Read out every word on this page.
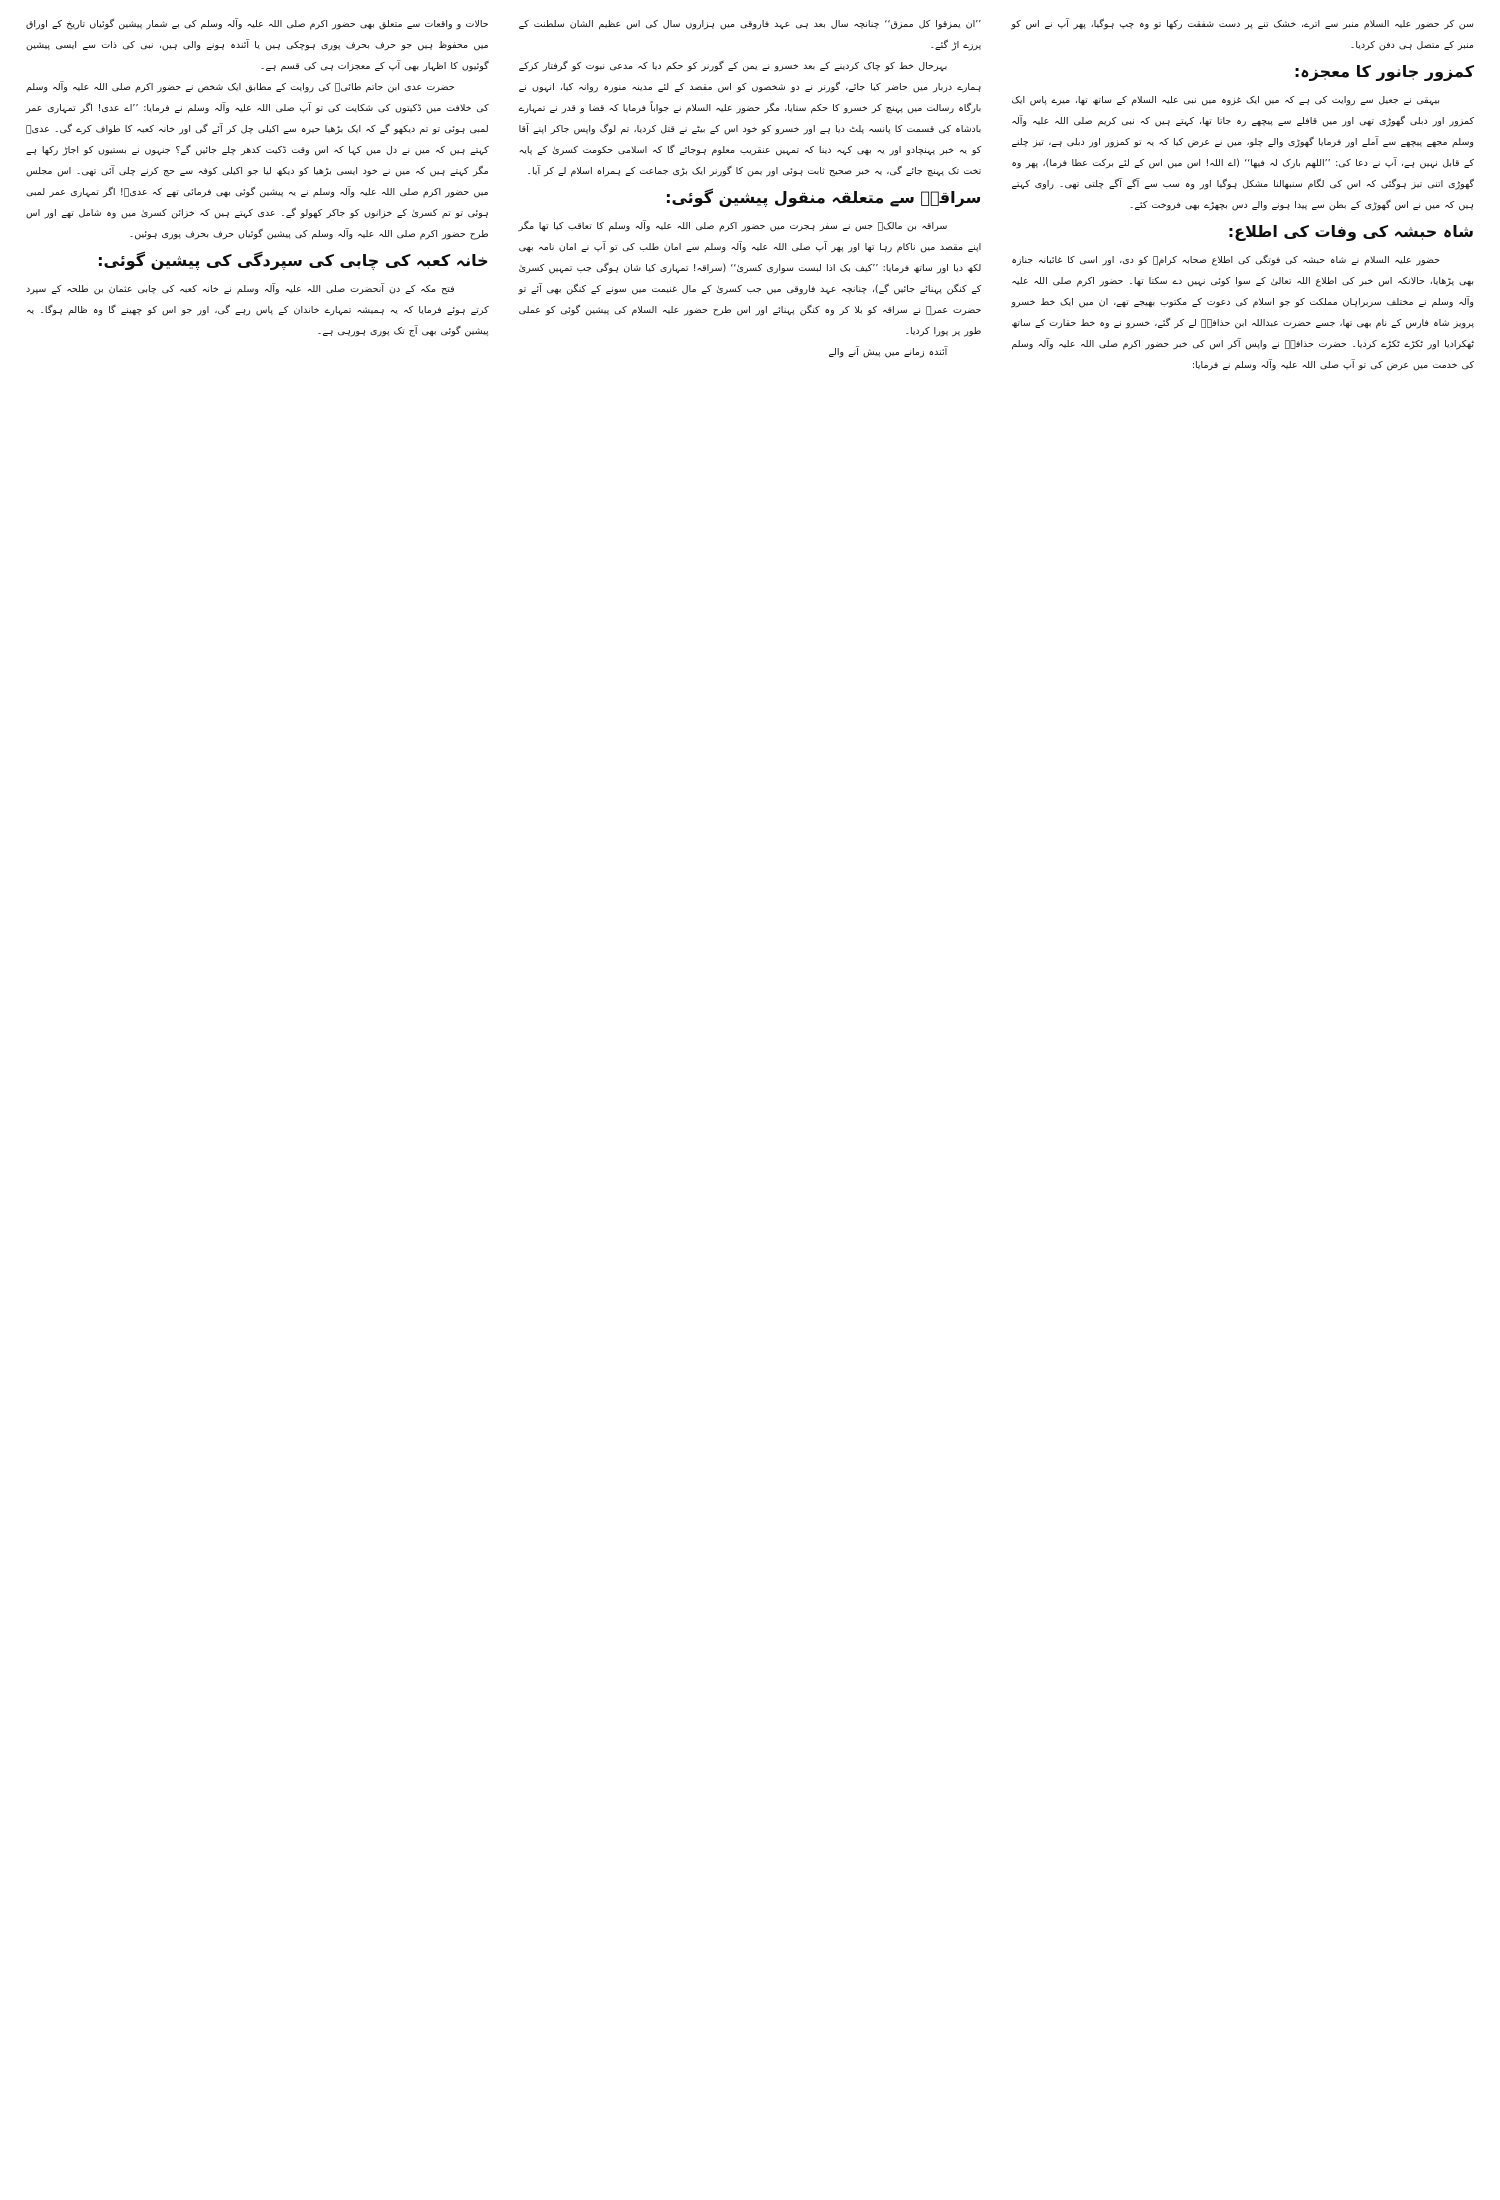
سن کر حضور علیہ السلام منبر سے اترے، خشک تنے پر دست شفقت رکھا تو وہ چپ ہوگیا، پھر آپ نے اس کو منبر کے متصل ہی دفن کردیا۔

کمزور جانور کا معجزہ:

بیہقی نے جعیل سے روایت کی ہے کہ میں ایک غزوہ میں نبی علیہ السلام کے ساتھ تھا، میرے پاس ایک کمزور اور دبلی گھوڑی تھی اور میں قافلے سے پیچھے رہ جاتا تھا، کہتے ہیں کہ نبی کریم صلی اللہ علیہ وآلہ وسلم مجھے پیچھے سے آملے اور فرمایا گھوڑی والے چلو، میں نے عرض کیا کہ یہ تو کمزور اور دبلی ہے، تیز چلنے کے قابل نہیں ہے، آپ نے دعا کی: ’’اللھم بارک لہ فیھا‘‘ (اے اللہ! اس میں اس کے لئے برکت عطا فرما)، پھر وہ گھوڑی اتنی تیز ہوگئی کہ اس کی لگام سنبھالنا مشکل ہوگیا اور وہ سب سے آگے آگے چلتی تھی۔ راوی کہتے ہیں کہ میں نے اس گھوڑی کے بطن سے پیدا ہونے والے دس بچھڑے بھی فروخت کئے۔

شاہ حبشہ کی وفات کی اطلاع:

حضور علیہ السلام نے شاہ حبشہ کی فوتگی کی اطلاع صحابہ کرامؓ کو دی، اور اسی کا غائبانہ جنازہ بھی پڑھایا، حالانکہ اس خبر کی اطلاع اللہ تعالیٰ کے سوا کوئی نہیں دے سکتا تھا۔ حضور اکرم صلی اللہ علیہ وآلہ وسلم نے مختلف سربراہان مملکت کو جو اسلام کی دعوت کے مکتوب بھیجے تھے، ان میں ایک خط خسرو پرویز شاہ فارس کے نام بھی تھا، جسے حضرت عبداللہ ابن حذافہؓ لے کر گئے، خسرو نے وہ خط حقارت کے ساتھ ٹھکرادیا اور ٹکڑے ٹکڑے کردیا۔ حضرت حذافہؓ نے واپس آکر اس کی خبر حضور اکرم صلی اللہ علیہ وآلہ وسلم کی خدمت میں عرض کی تو آپ صلی اللہ علیہ وآلہ وسلم نے فرمایا:

’’ان یمزقوا کل ممزق‘‘ چنانچہ سال بعد ہی عہد فاروقی میں ہزاروں سال کی اس عظیم الشان سلطنت کے پرزے اڑ گئے۔

بہرحال خط کو چاک کردینے کے بعد خسرو نے یمن کے گورنر کو حکم دیا کہ مدعی نبوت کو گرفتار کرکے ہمارے دربار میں حاضر کیا جائے، گورنر نے دو شخصوں کو اس مقصد کے لئے مدینہ منورہ روانہ کیا، انہوں نے بارگاہ رسالت میں پہنچ کر خسرو کا حکم سنایا، مگر حضور علیہ السلام نے جواباً فرمایا کہ قضا و قدر نے تمہارے بادشاہ کی قسمت کا پانسہ پلٹ دیا ہے اور خسرو کو خود اس کے بیٹے نے قتل کردیا، تم لوگ واپس جاکر اپنے آقا کو یہ خبر پہنچادو اور یہ بھی کہہ دینا کہ تمہیں عنقریب معلوم ہوجائے گا کہ اسلامی حکومت کسریٰ کے پایہ تخت تک پہنچ جائے گی، یہ خبر صحیح ثابت ہوئی اور یمن کا گورنر ایک بڑی جماعت کے ہمراہ اسلام لے کر آیا۔

سراقہؓ سے متعلقہ منقول پیشین گوئی:

سراقہ بن مالکؓ جس نے سفر ہجرت میں حضور اکرم صلی اللہ علیہ وآلہ وسلم کا تعاقب کیا تھا مگر اپنے مقصد میں ناکام رہا تھا اور پھر آپ صلی اللہ علیہ وآلہ وسلم سے امان طلب کی تو آپ نے امان نامہ بھی لکھ دیا اور ساتھ فرمایا: ’’کیف بک اذا لبست سواری کسریٰ‘‘ (سراقہ! تمہاری کیا شان ہوگی جب تمہیں کسریٰ کے کنگن پہنائے جائیں گے)، چنانچہ عہد فاروقی میں جب کسریٰ کے مال غنیمت میں سونے کے کنگن بھی آئے تو حضرت عمرؓ نے سراقہ کو بلا کر وہ کنگن پہنائے اور اس طرح حضور علیہ السلام کی پیشین گوئی کو عملی طور پر پورا کردیا۔

آئندہ زمانے میں پیش آنے والے

حالات و واقعات سے متعلق بھی حضور اکرم صلی اللہ علیہ وآلہ وسلم کی بے شمار پیشین گوئیاں تاریخ کے اوراق میں محفوظ ہیں جو حرف بحرف پوری ہوچکی ہیں یا آئندہ ہونے والی ہیں، نبی کی ذات سے ایسی پیشین گوئیوں کا اظہار بھی آپ کے معجزات ہی کی قسم ہے۔

حضرت عدی ابن حاتم طائیؓ کی روایت کے مطابق ایک شخص نے حضور اکرم صلی اللہ علیہ وآلہ وسلم کی خلافت میں ڈکیتوں کی شکایت کی تو آپ صلی اللہ علیہ وآلہ وسلم نے فرمایا: ’’اے عدی! اگر تمہاری عمر لمبی ہوئی تو تم دیکھو گے کہ ایک بڑھیا حیرہ سے اکیلی چل کر آئے گی اور خانہ کعبہ کا طواف کرے گی۔ عدیؓ کہتے ہیں کہ میں نے دل میں کہا کہ اس وقت ڈکیت کدھر چلے جائیں گے؟ جنہوں نے بستیوں کو اجاڑ رکھا ہے مگر کہتے ہیں کہ میں نے خود ایسی بڑھیا کو دیکھ لیا جو اکیلی کوفہ سے حج کرنے چلی آئی تھی۔ اس مجلس میں حضور اکرم صلی اللہ علیہ وآلہ وسلم نے یہ پیشین گوئی بھی فرمائی تھے کہ عدیؓ! اگر تمہاری عمر لمبی ہوئی تو تم کسریٰ کے خزانوں کو جاکر کھولو گے۔ عدی کہتے ہیں کہ خزائن کسریٰ میں وہ شامل تھے اور اس طرح حضور اکرم صلی اللہ علیہ وآلہ وسلم کی پیشین گوئیاں حرف بحرف پوری ہوئیں۔

خانہ کعبہ کی چابی کی سپردگی کی پیشین گوئی:

فتح مکہ کے دن آنحضرت صلی اللہ علیہ وآلہ وسلم نے خانہ کعبہ کی چابی عثمان بن طلحہ کے سپرد کرتے ہوئے فرمایا کہ یہ ہمیشہ تمہارے خاندان کے پاس رہے گی، اور جو اس کو چھینے گا وہ ظالم ہوگا۔ یہ پیشین گوئی بھی آج تک پوری ہورہی ہے۔
